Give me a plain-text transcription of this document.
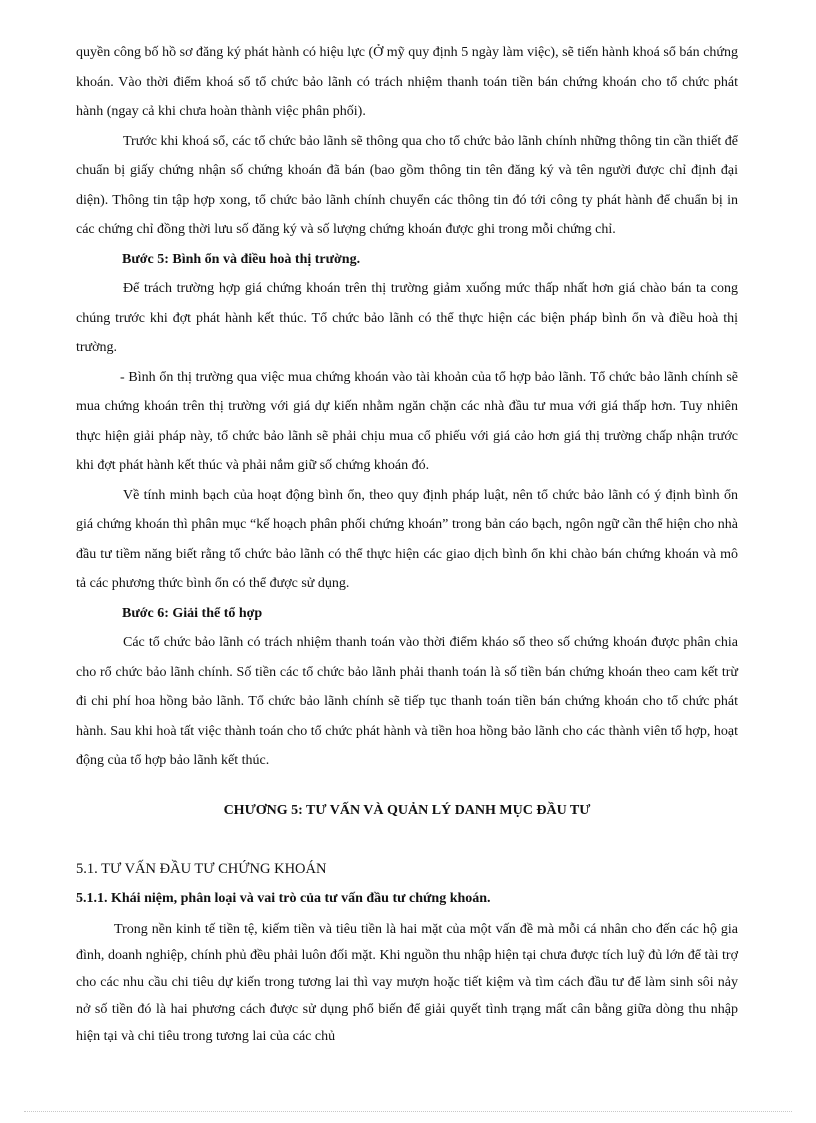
quyền công bố hồ sơ đăng ký phát hành có hiệu lực (Ở mỹ quy định 5 ngày làm việc), sẽ tiến hành khoá sổ bán chứng khoán. Vào thời điểm khoá sổ tổ chức bảo lãnh có trách nhiệm thanh toán tiền bán chứng khoán cho tổ chức phát hành (ngay cả khi chưa hoàn thành việc phân phối).

Trước khi khoá sổ, các tổ chức bảo lãnh sẽ thông qua cho tổ chức bảo lãnh chính những thông tin cần thiết để chuẩn bị giấy chứng nhận số chứng khoán đã bán (bao gồm thông tin tên đăng ký và tên người được chỉ định đại diện). Thông tin tập hợp xong, tổ chức bảo lãnh chính chuyển các thông tin đó tới công ty phát hành để chuẩn bị in các chứng chỉ đồng thời lưu số đăng ký và số lượng chứng khoán được ghi trong mỗi chứng chỉ.

Bước 5: Bình ổn và điều hoà thị trường.

Để trách trường hợp giá chứng khoán trên thị trường giảm xuống mức thấp nhất hơn giá chào bán ta cong chúng trước khi đợt phát hành kết thúc. Tổ chức bảo lãnh có thể thực hiện các biện pháp bình ổn và điều hoà thị trường.

- Bình ổn thị trường qua việc mua chứng khoán vào tài khoản của tổ hợp bảo lãnh. Tổ chức bảo lãnh chính sẽ mua chứng khoán trên thị trường với giá dự kiến nhằm ngăn chặn các nhà đầu tư mua với giá thấp hơn. Tuy nhiên thực hiện giải pháp này, tổ chức bảo lãnh sẽ phải chịu mua cổ phiếu với giá cảo hơn giá thị trường chấp nhận trước khi đợt phát hành kết thúc và phải nắm giữ số chứng khoán đó.

Về tính minh bạch của hoạt động bình ổn, theo quy định pháp luật, nên tổ chức bảo lãnh có ý định bình ổn giá chứng khoán thì phân mục “kế hoạch phân phối chứng khoán” trong bản cáo bạch, ngôn ngữ cần thể hiện cho nhà đầu tư tiềm năng biết rằng tổ chức bảo lãnh có thể thực hiện các giao dịch bình ổn khi chào bán chứng khoán và mô tả các phương thức bình ổn có thể được sử dụng.

Bước 6: Giải thể tổ hợp

Các tổ chức bảo lãnh có trách nhiệm thanh toán vào thời điểm kháo sổ theo số chứng khoán được phân chia cho rổ chức bảo lãnh chính. Số tiền các tổ chức bảo lãnh phải thanh toán là số tiền bán chứng khoán theo cam kết trừ đi chi phí hoa hồng bảo lãnh. Tổ chức bảo lãnh chính sẽ tiếp tục thanh toán tiền bán chứng khoán cho tổ chức phát hành. Sau khi hoà tất việc thành toán cho tổ chức phát hành và tiền hoa hồng bảo lãnh cho các thành viên tổ hợp, hoạt động của tổ hợp bảo lãnh kết thúc.

CHƯƠNG 5: TƯ VẤN VÀ QUẢN LÝ DANH MỤC ĐẦU TƯ

5.1. TƯ VẤN ĐẦU TƯ CHỨNG KHOÁN

5.1.1. Khái niệm, phân loại và vai trò của tư vấn đầu tư chứng khoán.

Trong nền kinh tế tiền tệ, kiếm tiền và tiêu tiền là hai mặt của một vấn đề mà mỗi cá nhân cho đến các hộ gia đình, doanh nghiệp, chính phủ đều phải luôn đối mặt. Khi nguồn thu nhập hiện tại chưa được tích luỹ đủ lớn để tài trợ cho các nhu cầu chi tiêu dự kiến trong tương lai thì vay mượn hoặc tiết kiệm và tìm cách đầu tư để làm sinh sôi nảy nở số tiền đó là hai phương cách được sử dụng phổ biến để giải quyết tình trạng mất cân bằng giữa dòng thu nhập hiện tại và chi tiêu trong tương lai của các chủ
